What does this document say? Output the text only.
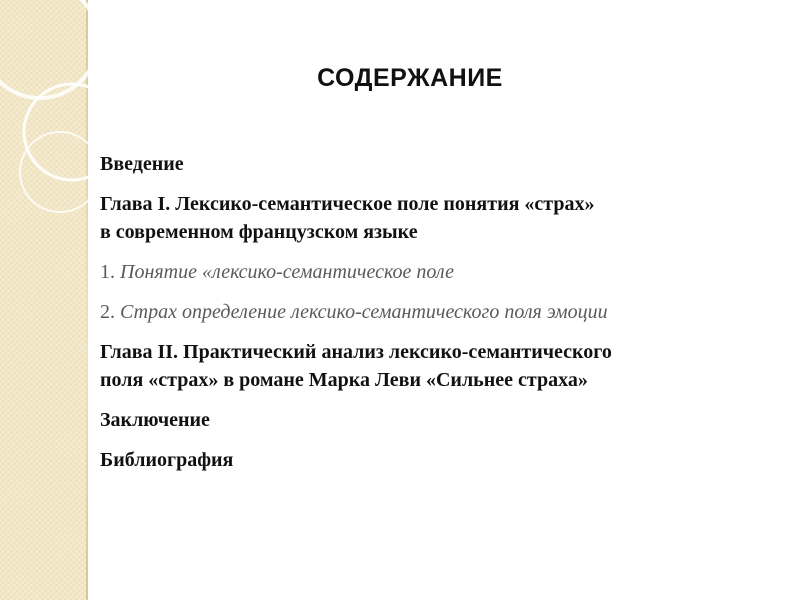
СОДЕРЖАНИЕ
Введение
Глава I. Лексико-семантическое поле понятия «страх»
в современном французском языке
1. Понятие «лексико-семантическое поле
2. Страх определение лексико-семантического поля эмоции
Глава II. Практический анализ лексико-семантического
поля «страх» в романе Марка Леви «Сильнее страха»
Заключение
Библиография
